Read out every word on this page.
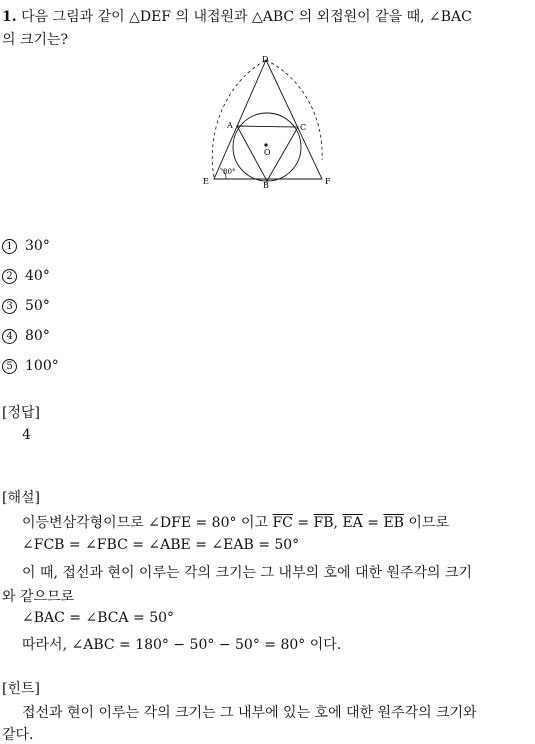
1. 다음 그림과 같이 △DEF 의 내접원과 △ABC 의 외접원이 같을 때, ∠BAC
의 크기는?
D
A	C
O
E	B	F
80°
1 30°
2 40°
3 50°
4 80°
5 100°
[정답]
4
[해설]
이등변삼각형이므로 ∠DFE = 80° 이고 $\overline{FC} = \overline{FB}$, $\overline{EA} = \overline{EB}$ 이므로
∠FCB = ∠FBC = ∠ABE = ∠EAB = 50°
이 때, 접선과 현이 이루는 각의 크기는 그 내부의 호에 대한 원주각의 크기
와 같으므로
∠BAC = ∠BCA = 50°
따라서, ∠ABC = 180° − 50° − 50° = 80° 이다.
[힌트]
접선과 현이 이루는 각의 크기는 그 내부에 있는 호에 대한 원주각의 크기와
같다.
